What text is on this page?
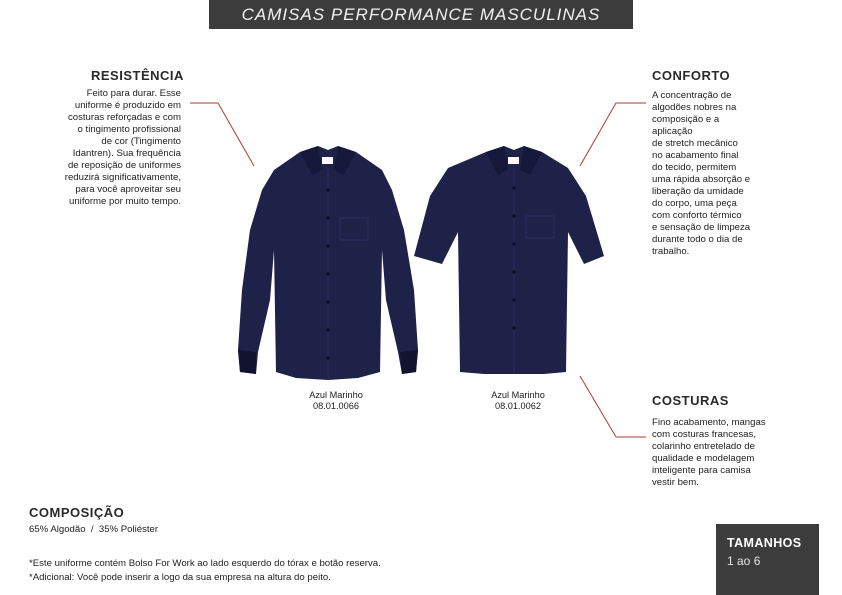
CAMISAS PERFORMANCE MASCULINAS
RESISTÊNCIA
Feito para durar. Esse
uniforme é produzido em
costuras reforçadas e com
o tingimento profissional
de cor (Tingimento
Idantren). Sua frequência
de reposição de uniformes
reduzirá significativamente,
para você aproveitar seu
uniforme por muito tempo.
CONFORTO
A concentração de
algodões nobres na
composição e a aplicação
de stretch mecânico
no acabamento final
do tecido, permitem
uma rápida absorção e
liberação da umidade
do corpo, uma peça
com conforto térmico
e sensação de limpeza
durante todo o dia de
trabalho.
COSTURAS
Fino acabamento, mangas
com costuras francesas,
colarinho entretelado de
qualidade e modelagem
inteligente para camisa
vestir bem.
Azul Marinho
08.01.0066
Azul Marinho
08.01.0062
COMPOSIÇÃO
65% Algodão  /  35% Poliéster
*Este uniforme contém Bolso For Work ao lado esquerdo do tórax e botão reserva.
*Adicional: Você pode inserir a logo da sua empresa na altura do peito.
TAMANHOS
1 ao 6
